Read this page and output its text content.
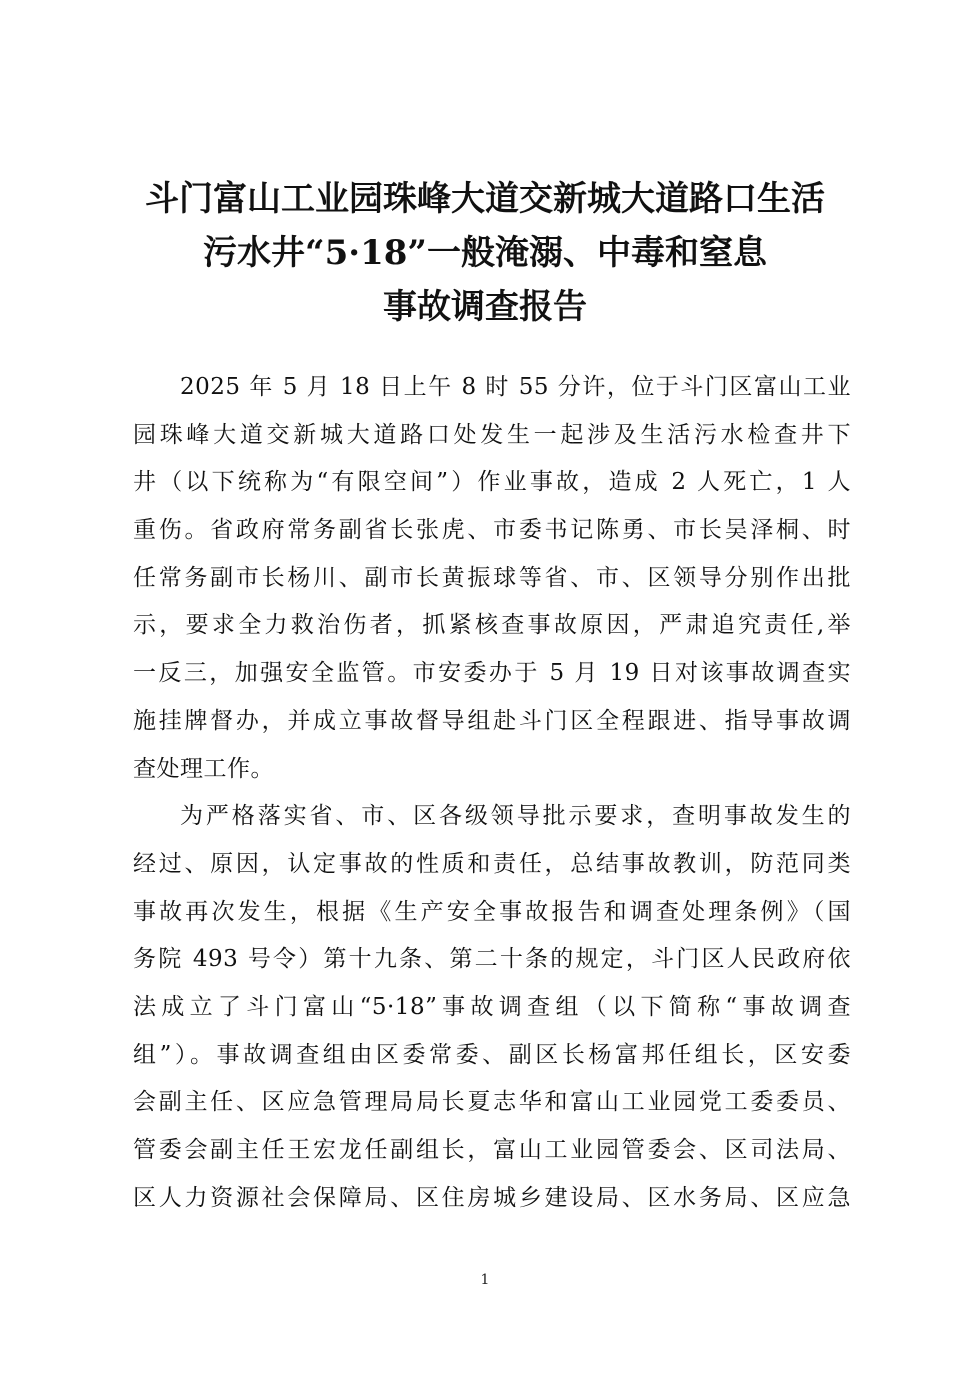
斗门富山工业园珠峰大道交新城大道路口生活
污水井“5·18”一般淹溺、中毒和窒息
事故调查报告
2025 年 5 月 18 日上午 8 时 55 分许，位于斗门区富山工业
园珠峰大道交新城大道路口处发生一起涉及生活污水检查井下
井（以下统称为“有限空间”）作业事故，造成 2 人死亡，1 人
重伤。省政府常务副省长张虎、市委书记陈勇、市长吴泽桐、时
任常务副市长杨川、副市长黄振球等省、市、区领导分别作出批
示，要求全力救治伤者，抓紧核查事故原因，严肃追究责任,举
一反三，加强安全监管。市安委办于 5 月 19 日对该事故调查实
施挂牌督办，并成立事故督导组赴斗门区全程跟进、指导事故调
查处理工作。
为严格落实省、市、区各级领导批示要求，查明事故发生的
经过、原因，认定事故的性质和责任，总结事故教训，防范同类
事故再次发生，根据《生产安全事故报告和调查处理条例》（国
务院 493 号令）第十九条、第二十条的规定，斗门区人民政府依
法成立了斗门富山“5·18”事故调查组（以下简称“事故调查
组”）。事故调查组由区委常委、副区长杨富邦任组长，区安委
会副主任、区应急管理局局长夏志华和富山工业园党工委委员、
管委会副主任王宏龙任副组长，富山工业园管委会、区司法局、
区人力资源社会保障局、区住房城乡建设局、区水务局、区应急
1
